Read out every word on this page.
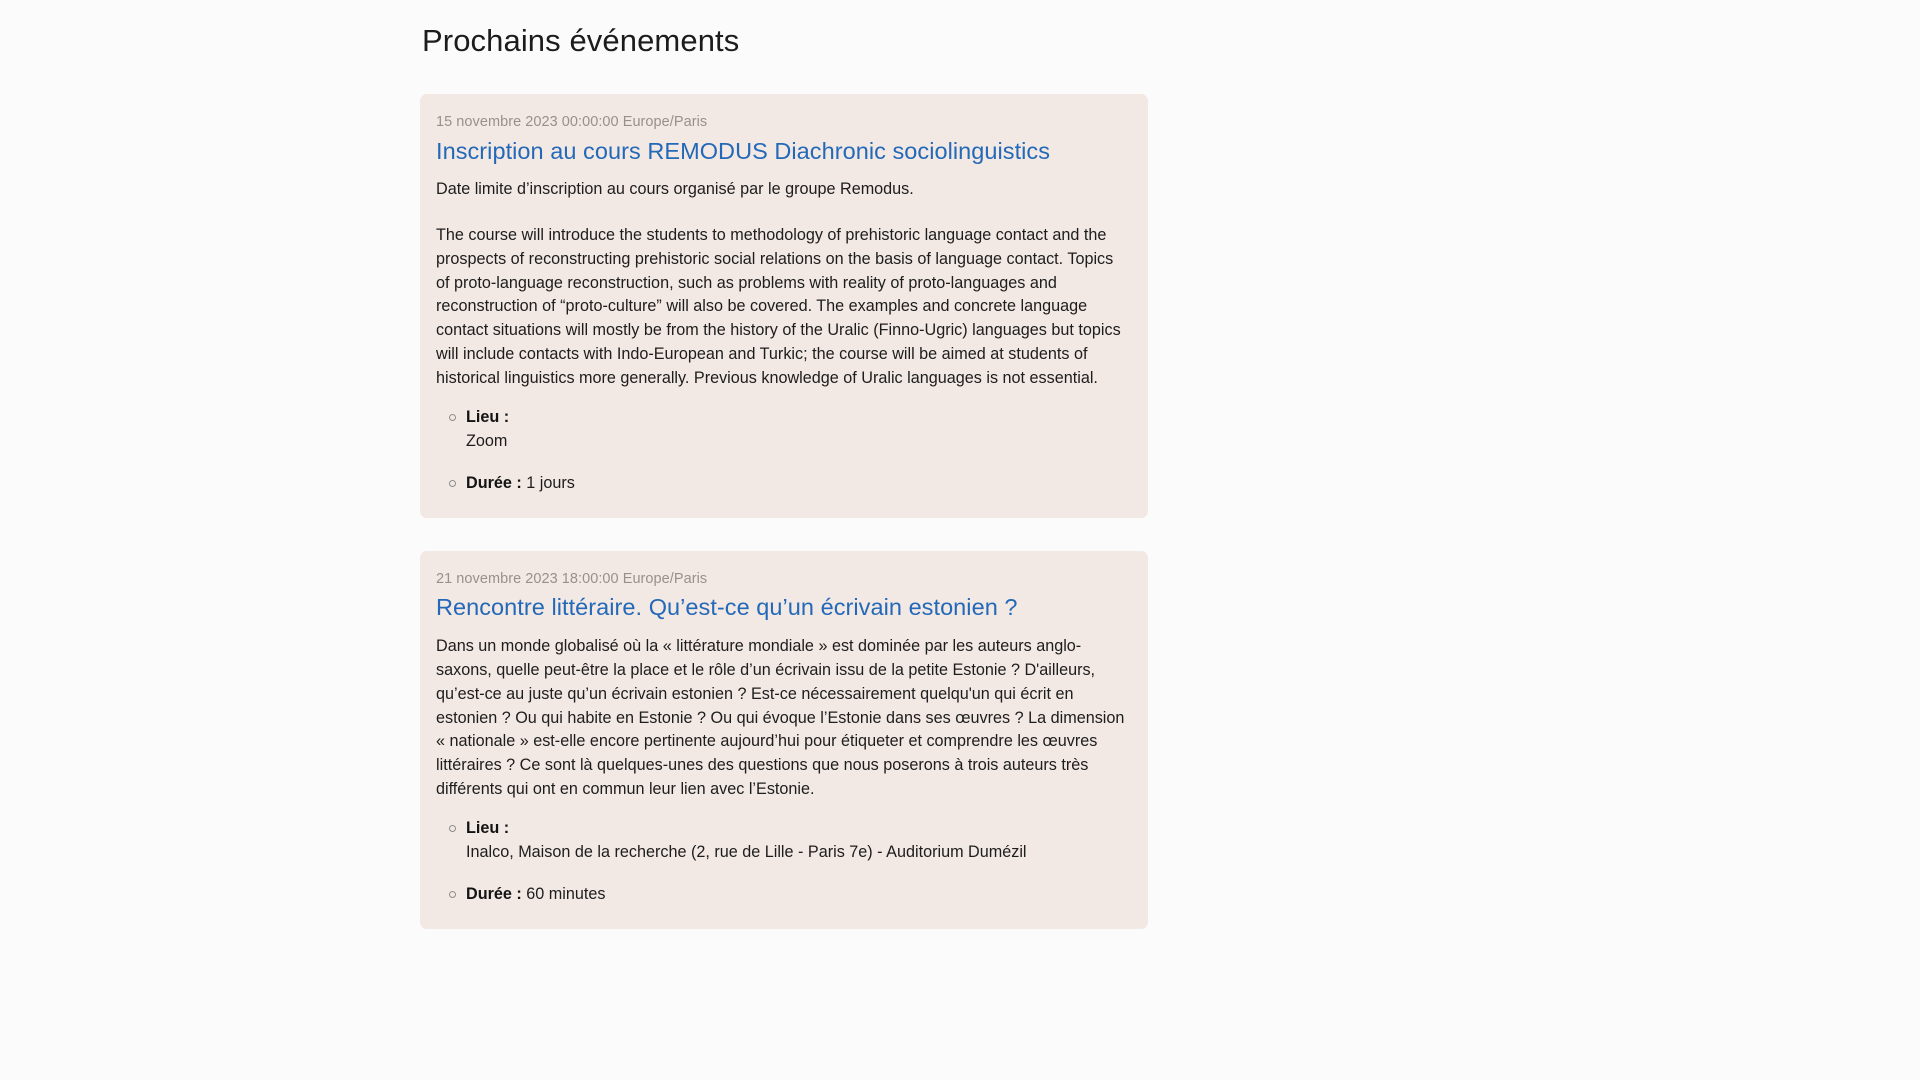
Prochains événements
15 novembre 2023 00:00:00 Europe/Paris
Inscription au cours REMODUS Diachronic sociolinguistics

Date limite d’inscription au cours organisé par le groupe Remodus.

The course will introduce the students to methodology of prehistoric language contact and the prospects of reconstructing prehistoric social relations on the basis of language contact. Topics of proto-language reconstruction, such as problems with reality of proto-languages and reconstruction of “proto-culture” will also be covered. The examples and concrete language contact situations will mostly be from the history of the Uralic (Finno-Ugric) languages but topics will include contacts with Indo-European and Turkic; the course will be aimed at students of historical linguistics more generally. Previous knowledge of Uralic languages is not essential.

Lieu :
Zoom
Durée : 1 jours
21 novembre 2023 18:00:00 Europe/Paris
Rencontre littéraire. Qu’est-ce qu’un écrivain estonien ?

Dans un monde globalisé où la « littérature mondiale » est dominée par les auteurs anglo-saxons, quelle peut-être la place et le rôle d’un écrivain issu de la petite Estonie ? D'ailleurs, qu’est-ce au juste qu’un écrivain estonien ? Est-ce nécessairement quelqu'un qui écrit en estonien ? Ou qui habite en Estonie ? Ou qui évoque l’Estonie dans ses œuvres ? La dimension « nationale » est-elle encore pertinente aujourd’hui pour étiqueter et comprendre les œuvres littéraires ? Ce sont là quelques-unes des questions que nous poserons à trois auteurs très différents qui ont en commun leur lien avec l’Estonie.

Lieu :
Inalco, Maison de la recherche (2, rue de Lille - Paris 7e) - Auditorium Dumézil
Durée : 60 minutes
